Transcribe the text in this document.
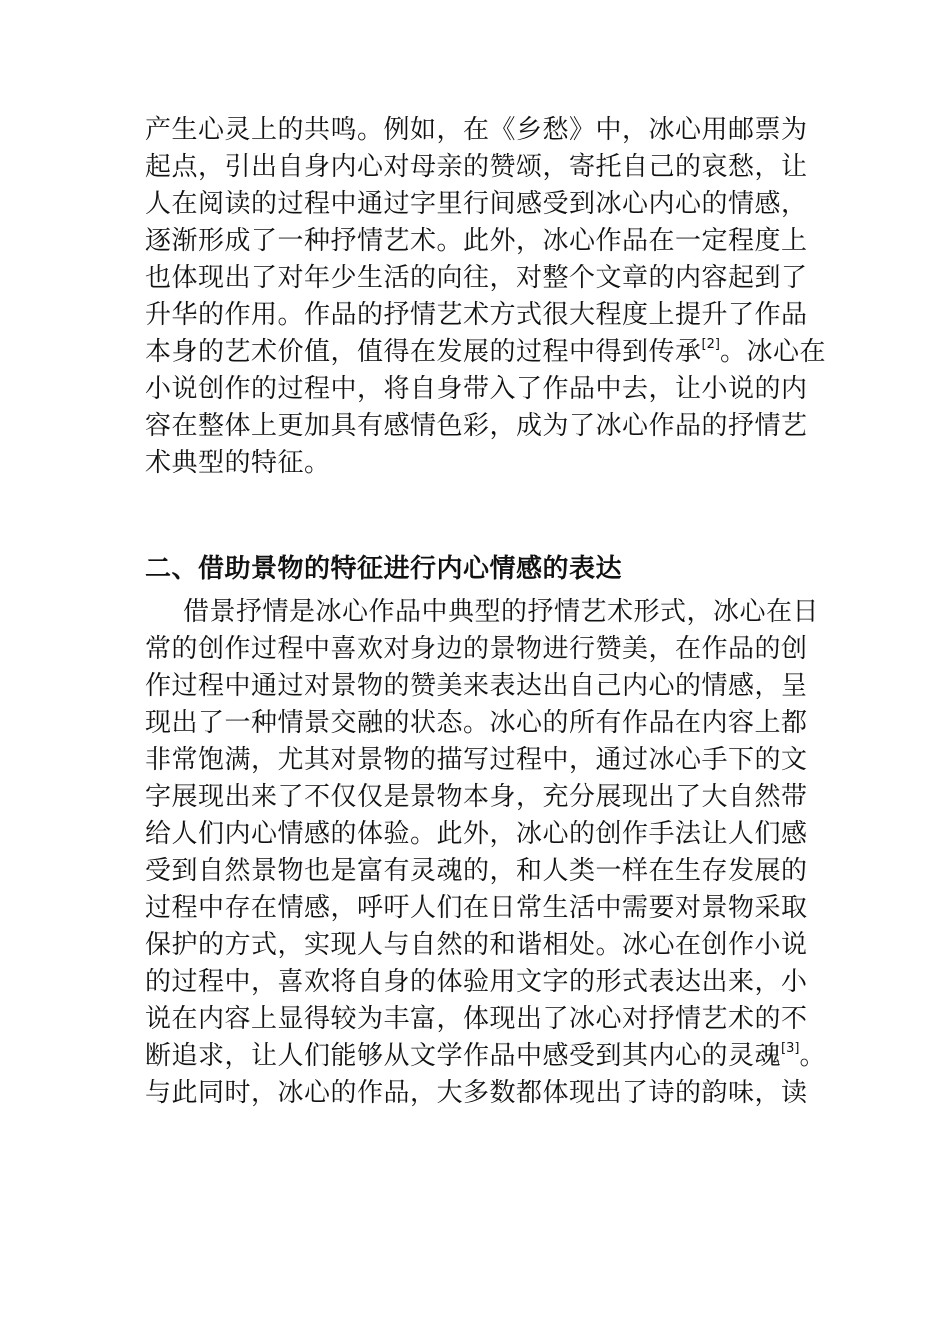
产生心灵上的共鸣。例如，在《乡愁》中，冰心用邮票为
起点，引出自身内心对母亲的赞颂，寄托自己的哀愁，让
人在阅读的过程中通过字里行间感受到冰心内心的情感，
逐渐形成了一种抒情艺术。此外，冰心作品在一定程度上
也体现出了对年少生活的向往，对整个文章的内容起到了
升华的作用。作品的抒情艺术方式很大程度上提升了作品
本身的艺术价值，值得在发展的过程中得到传承[2]。冰心在
小说创作的过程中，将自身带入了作品中去，让小说的内
容在整体上更加具有感情色彩，成为了冰心作品的抒情艺
术典型的特征。
二、借助景物的特征进行内心情感的表达
借景抒情是冰心作品中典型的抒情艺术形式，冰心在日
常的创作过程中喜欢对身边的景物进行赞美，在作品的创
作过程中通过对景物的赞美来表达出自己内心的情感，呈
现出了一种情景交融的状态。冰心的所有作品在内容上都
非常饱满，尤其对景物的描写过程中，通过冰心手下的文
字展现出来了不仅仅是景物本身，充分展现出了大自然带
给人们内心情感的体验。此外，冰心的创作手法让人们感
受到自然景物也是富有灵魂的，和人类一样在生存发展的
过程中存在情感，呼吁人们在日常生活中需要对景物采取
保护的方式，实现人与自然的和谐相处。冰心在创作小说
的过程中，喜欢将自身的体验用文字的形式表达出来，小
说在内容上显得较为丰富，体现出了冰心对抒情艺术的不
断追求，让人们能够从文学作品中感受到其内心的灵魂[3]。
与此同时，冰心的作品，大多数都体现出了诗的韵味，读
